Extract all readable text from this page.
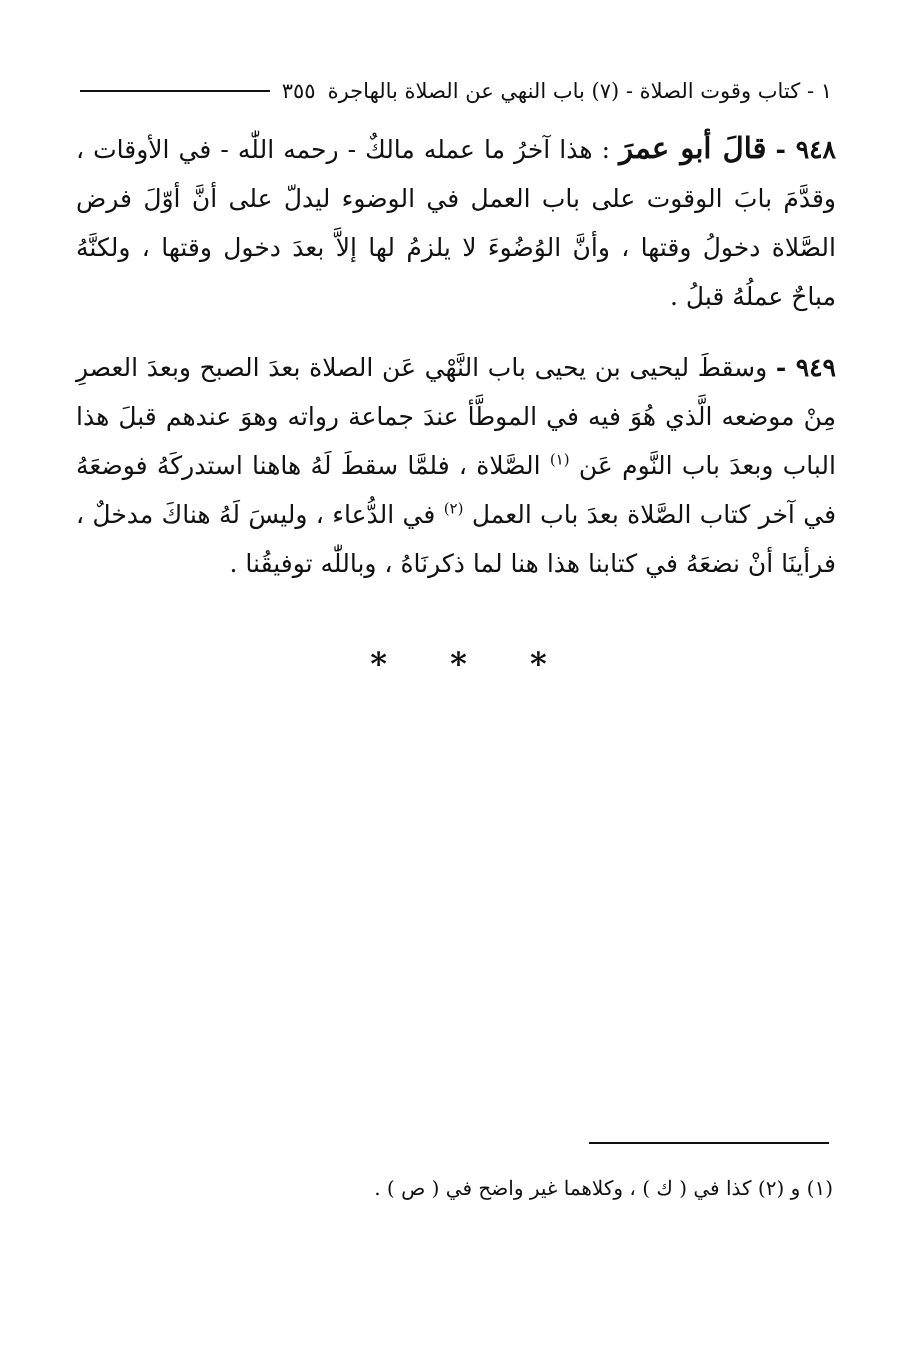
١ - كتاب وقوت الصلاة - (٧) باب النهي عن الصلاة بالهاجرة
٣٥٥

٩٤٨ - قالَ أبو عمرَ : هذا آخرُ ما عمله مالكٌ - رحمه اللّٰه - في الأوقات ، وقدَّمَ بابَ الوقوت على باب العمل في الوضوء ليدلّ على أنَّ أوّلَ فرض الصَّلاة دخولُ وقتها ، وأنَّ الوُضُوءَ لا يلزمُ لها إلاَّ بعدَ دخول وقتها ، ولكنَّهُ مباحٌ عملُهُ قبلُ .

٩٤٩ - وسقطَ ليحيى بن يحيى باب النَّهْي عَن الصلاة بعدَ الصبح وبعدَ العصرِ مِنْ موضعه الَّذي هُوَ فيه في الموطَّأ عندَ جماعة رواته وهوَ عندهم قبلَ هذا الباب وبعدَ باب النَّوم عَن $^{(١)}$ الصَّلاة ، فلمَّا سقطَ لَهُ هاهنا استدركَهُ فوضعَهُ في آخر كتاب الصَّلاة بعدَ باب العمل $^{(٢)}$ في الدُّعاء ، وليسَ لَهُ هناكَ مدخلٌ ، فرأينَا أنْ نضعَهُ في كتابنا هذا هنا لما ذكرنَاهُ ، وباللّٰه توفيقُنا .

* * *
(١) و (٢) كذا في ( ك ) ، وكلاهما غير واضح في ( ص ) .
